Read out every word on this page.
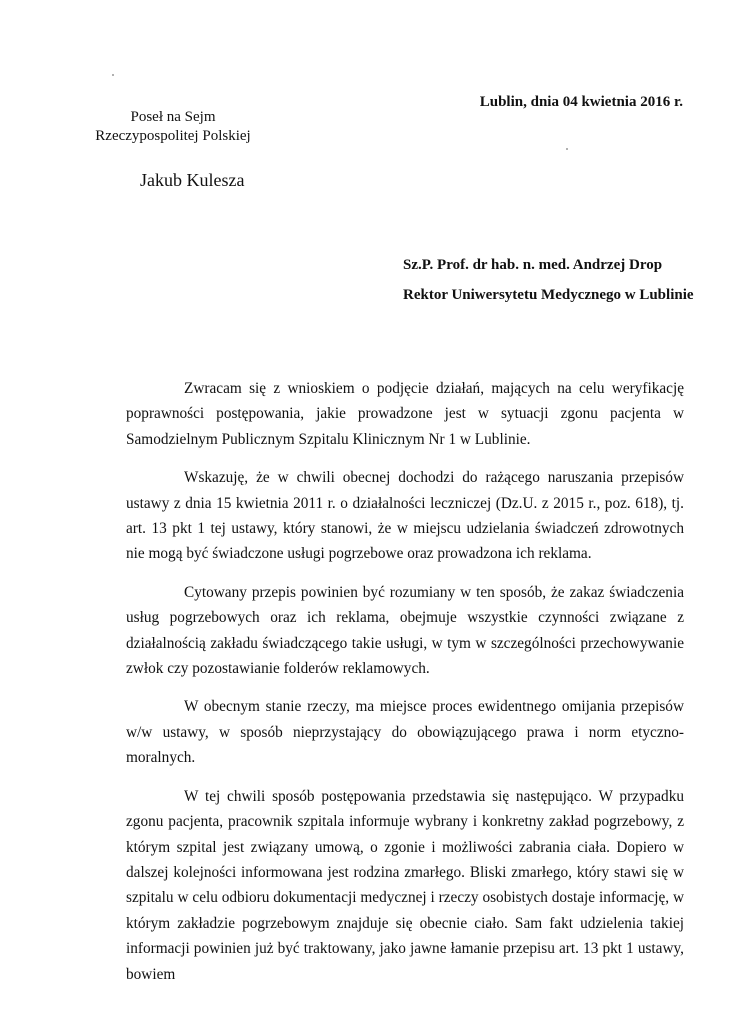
Poseł na Sejm
Rzeczypospolitej Polskiej
Jakub Kulesza
Lublin, dnia 04 kwietnia 2016 r.
Sz.P. Prof. dr hab. n. med. Andrzej Drop
Rektor Uniwersytetu Medycznego w Lublinie

Zwracam się z wnioskiem o podjęcie działań, mających na celu weryfikację poprawności postępowania, jakie prowadzone jest w sytuacji zgonu pacjenta w Samodzielnym Publicznym Szpitalu Klinicznym Nr 1 w Lublinie.

Wskazuję, że w chwili obecnej dochodzi do rażącego naruszania przepisów ustawy z dnia 15 kwietnia 2011 r. o działalności leczniczej (Dz.U. z 2015 r., poz. 618), tj. art. 13 pkt 1 tej ustawy, który stanowi, że w miejscu udzielania świadczeń zdrowotnych nie mogą być świadczone usługi pogrzebowe oraz prowadzona ich reklama.

Cytowany przepis powinien być rozumiany w ten sposób, że zakaz świadczenia usług pogrzebowych oraz ich reklama, obejmuje wszystkie czynności związane z działalnością zakładu świadczącego takie usługi, w tym w szczególności przechowywanie zwłok czy pozostawianie folderów reklamowych.

W obecnym stanie rzeczy, ma miejsce proces ewidentnego omijania przepisów w/w ustawy, w sposób nieprzystający do obowiązującego prawa i norm etyczno-moralnych.

W tej chwili sposób postępowania przedstawia się następująco. W przypadku zgonu pacjenta, pracownik szpitala informuje wybrany i konkretny zakład pogrzebowy, z którym szpital jest związany umową, o zgonie i możliwości zabrania ciała. Dopiero w dalszej kolejności informowana jest rodzina zmarłego. Bliski zmarłego, który stawi się w szpitalu w celu odbioru dokumentacji medycznej i rzeczy osobistych dostaje informację, w którym zakładzie pogrzebowym znajduje się obecnie ciało. Sam fakt udzielenia takiej informacji powinien już być traktowany, jako jawne łamanie przepisu art. 13 pkt 1 ustawy, bowiem
